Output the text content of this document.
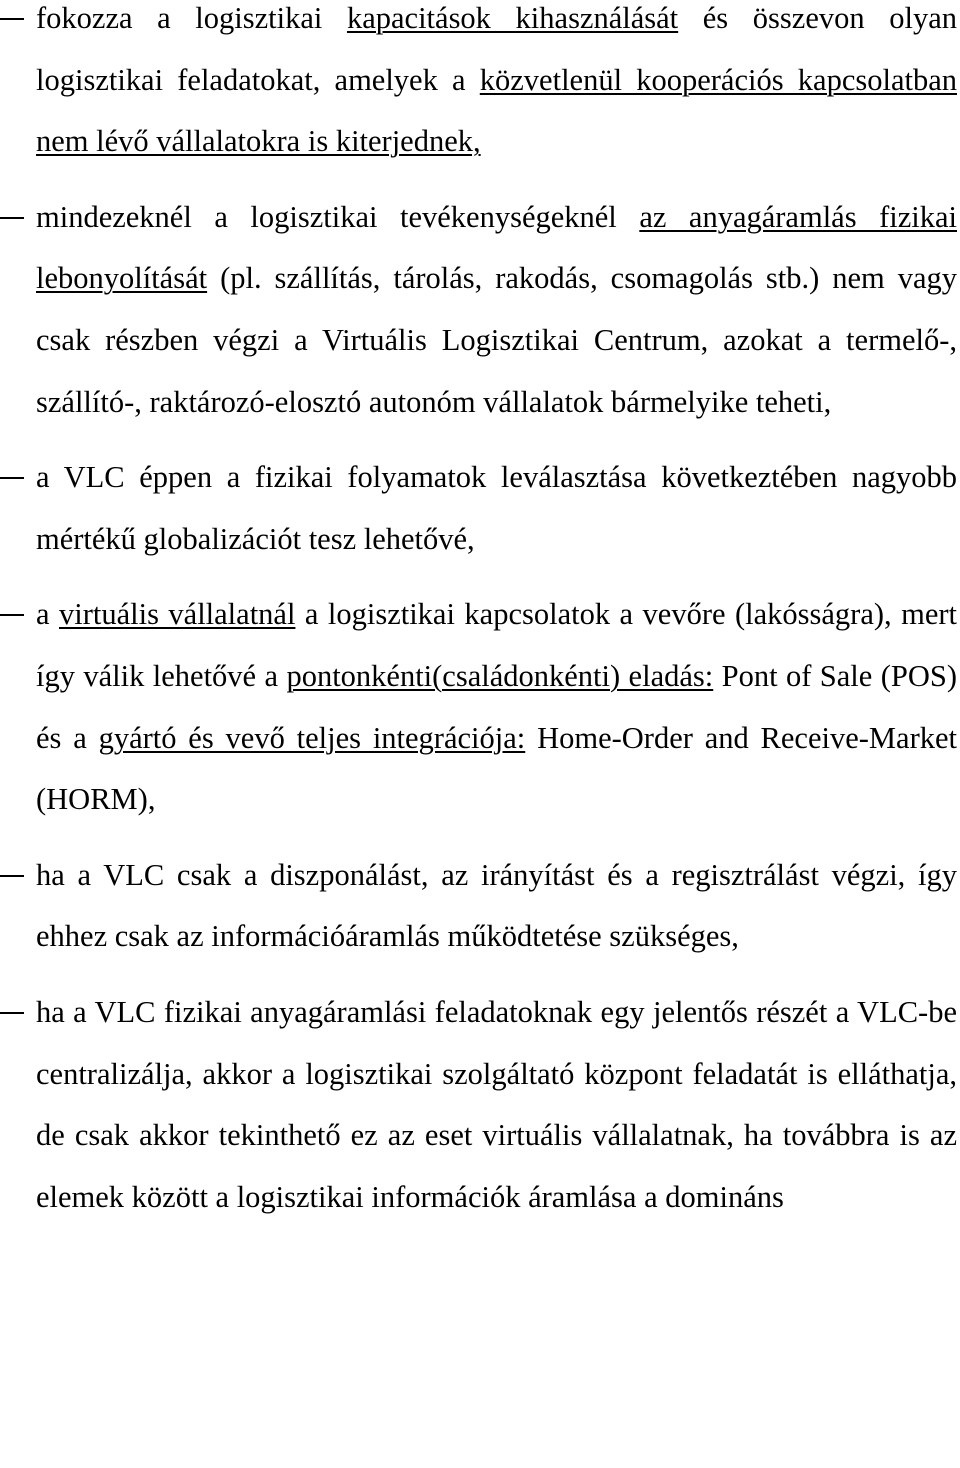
fokozza a logisztikai kapacitások kihasználását és összevon olyan logisztikai feladatokat, amelyek a közvetlenül kooperációs kapcsolatban nem lévő vállalatokra is kiterjednek,
mindezeknél a logisztikai tevékenységeknél az anyagáramlás fizikai lebonyolítását (pl. szállítás, tárolás, rakodás, csomagolás stb.) nem vagy csak részben végzi a Virtuális Logisztikai Centrum, azokat a termelő-, szállító-, raktározó-elosztó autonóm vállalatok bármelyike teheti,
a VLC éppen a fizikai folyamatok leválasztása következtében nagyobb mértékű globalizációt tesz lehetővé,
a virtuális vállalatnál a logisztikai kapcsolatok a vevőre (lakósságra), mert így válik lehetővé a pontonkénti(családonkénti) eladás: Pont of Sale (POS) és a gyártó és vevő teljes integrációja: Home-Order and Receive-Market (HORM),
ha a VLC csak a diszponálást, az irányítást és a regisztrálást végzi, így ehhez csak az információáramlás működtetése szükséges,
ha a VLC fizikai anyagáramlási feladatoknak egy jelentős részét a VLC-be centralizálja, akkor a logisztikai szolgáltató központ feladatát is elláthatja, de csak akkor tekinthető ez az eset virtuális vállalatnak, ha továbbra is az elemek között a logisztikai információk áramlása a domináns
